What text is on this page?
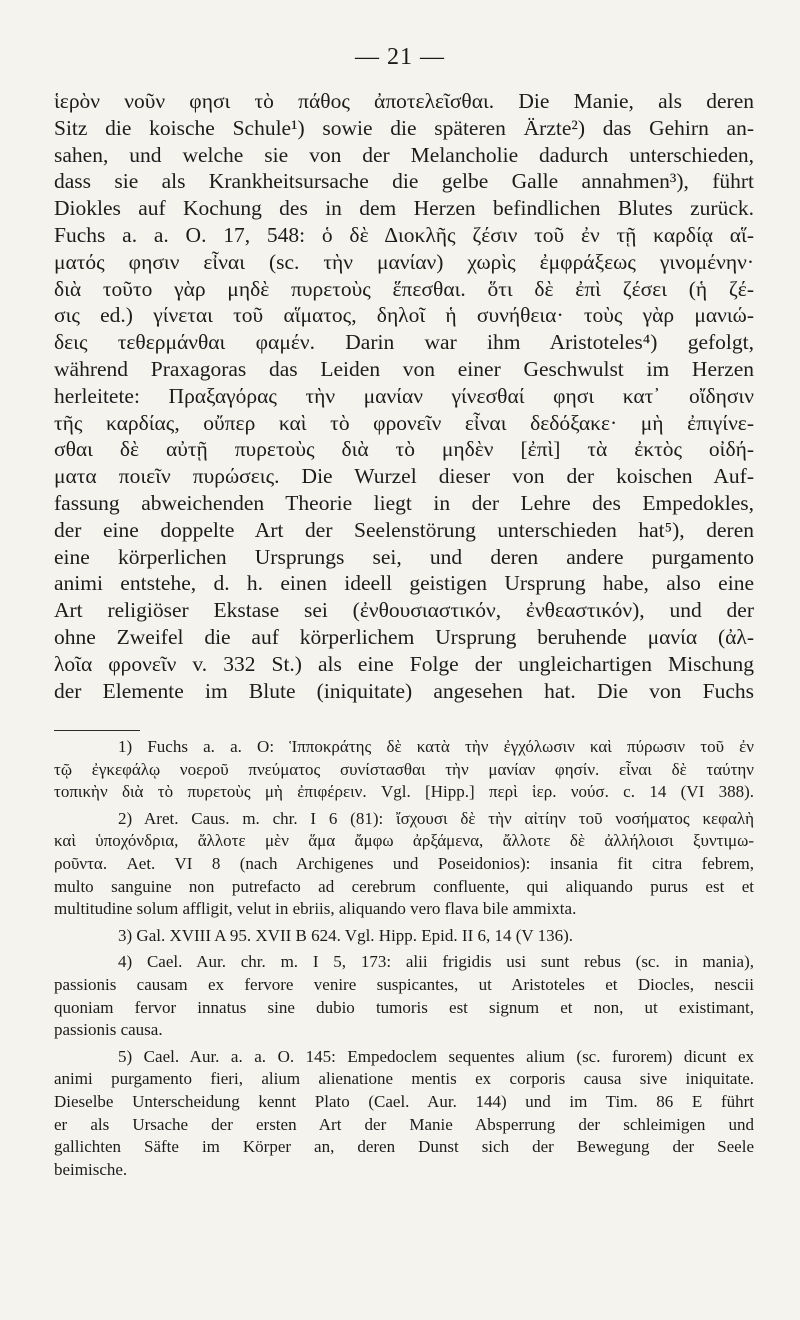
— 21 —
ἱερὸν νοῦν φησι τὸ πάθος ἀποτελεῖσθαι. Die Manie, als deren
Sitz die koische Schule¹) sowie die späteren Ärzte²) das Gehirn an-
sahen, und welche sie von der Melancholie dadurch unterschieden,
dass sie als Krankheitsursache die gelbe Galle annahmen³), führt
Diokles auf Kochung des in dem Herzen befindlichen Blutes zurück.
Fuchs a. a. O. 17, 548: ὁ δὲ Διοκλῆς ζέσιν τοῦ ἐν τῇ καρδίᾳ αἵ-
ματός φησιν εἶναι (sc. τὴν μανίαν) χωρὶς ἐμφράξεως γινομένην·
διὰ τοῦτο γὰρ μηδὲ πυρετοὺς ἕπεσθαι. ὅτι δὲ ἐπὶ ζέσει (ἡ ζέ-
σις ed.) γίνεται τοῦ αἵματος, δηλοῖ ἡ συνήθεια· τοὺς γὰρ μανιώ-
δεις τεθερμάνθαι φαμέν. Darin war ihm Aristoteles⁴) gefolgt,
während Praxagoras das Leiden von einer Geschwulst im Herzen
herleitete: Πραξαγόρας τὴν μανίαν γίνεσθαί φησι κατ᾿ οἴδησιν
τῆς καρδίας, οὔπερ καὶ τὸ φρονεῖν εἶναι δεδόξακε· μὴ ἐπιγίνε-
σθαι δὲ αὐτῇ πυρετοὺς διὰ τὸ μηδὲν [ἐπὶ] τὰ ἐκτὸς οἰδή-
ματα ποιεῖν πυρώσεις. Die Wurzel dieser von der koischen Auf-
fassung abweichenden Theorie liegt in der Lehre des Empedokles,
der eine doppelte Art der Seelenstörung unterschieden hat⁵), deren
eine körperlichen Ursprungs sei, und deren andere purgamento
animi entstehe, d. h. einen ideell geistigen Ursprung habe, also eine
Art religiöser Ekstase sei (ἐνθουσιαστικόν, ἐνθεαστικόν), und der
ohne Zweifel die auf körperlichem Ursprung beruhende μανία (ἀλ-
λοῖα φρονεῖν v. 332 St.) als eine Folge der ungleichartigen Mischung
der Elemente im Blute (iniquitate) angesehen hat. Die von Fuchs
1) Fuchs a. a. O: Ἱπποκράτης δὲ κατὰ τὴν ἐγχόλωσιν καὶ πύρωσιν τοῦ ἐν
τῷ ἐγκεφάλῳ νοεροῦ πνεύματος συνίστασθαι τὴν μανίαν φησίν. εἶναι δὲ ταύτην
τοπικὴν διὰ τὸ πυρετοὺς μὴ ἐπιφέρειν. Vgl. [Hipp.] περὶ ἱερ. νούσ. c. 14 (VI 388).
2) Aret. Caus. m. chr. I 6 (81): ἴσχουσι δὲ τὴν αἰτίην τοῦ νοσήματος κεφαλὴ
καὶ ὑποχόνδρια, ἄλλοτε μὲν ἅμα ἄμφω ἀρξάμενα, ἄλλοτε δὲ ἀλλήλοισι ξυντιμω-
ροῦντα. Aet. VI 8 (nach Archigenes und Poseidonios): insania fit citra febrem,
multo sanguine non putrefacto ad cerebrum confluente, qui aliquando purus est et
multitudine solum affligit, velut in ebriis, aliquando vero flava bile ammixta.
3) Gal. XVIII A 95. XVII B 624. Vgl. Hipp. Epid. II 6, 14 (V 136).
4) Cael. Aur. chr. m. I 5, 173: alii frigidis usi sunt rebus (sc. in mania),
passionis causam ex fervore venire suspicantes, ut Aristoteles et Diocles, nescii
quoniam fervor innatus sine dubio tumoris est signum et non, ut existimant,
passionis causa.
5) Cael. Aur. a. a. O. 145: Empedoclem sequentes alium (sc. furorem) dicunt ex
animi purgamento fieri, alium alienatione mentis ex corporis causa sive iniquitate.
Dieselbe Unterscheidung kennt Plato (Cael. Aur. 144) und im Tim. 86 E führt
er als Ursache der ersten Art der Manie Absperrung der schleimigen und
gallichten Säfte im Körper an, deren Dunst sich der Bewegung der Seele
beimische.
